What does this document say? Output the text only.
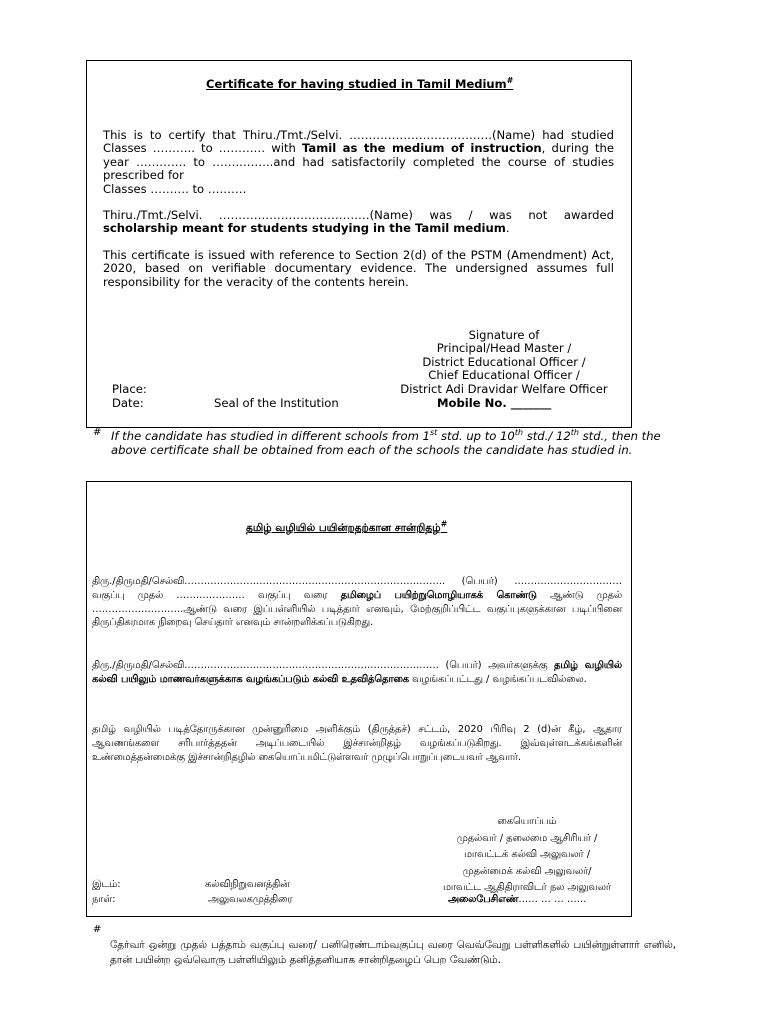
Certificate for having studied in Tamil Medium#
This is to certify that Thiru./Tmt./Selvi. ……………………………….(Name) had studied Classes ……….. to ………… with Tamil as the medium of instruction, during the year …………. to ……..……..and had satisfactorily completed the course of studies prescribed for
Classes ………. to ……….
Thiru./Tmt./Selvi. …………………………………(Name) was / was not awarded scholarship meant for students studying in the Tamil medium.
This certificate is issued with reference to Section 2(d) of the PSTM (Amendment) Act, 2020, based on verifiable documentary evidence. The undersigned assumes full responsibility for the veracity of the contents herein.
Signature of
Principal/Head Master /
District Educational Officer /
Chief Educational Officer /
District Adi Dravidar Welfare Officer
Place:
Date:	Seal of the Institution	Mobile No. _______
# If the candidate has studied in different schools from 1st std. up to 10th std./ 12th std., then the above certificate shall be obtained from each of the schools the candidate has studied in.
தமிழ் வழியில் பயின்றதற்கான சான்றிதழ்#
திரு./திருமதி/செல்வி…………………………………………………………………….. (பெயர்) …………………………… வகுப்பு முதல் ………………… வகுப்பு வரை தமிழைப் பயிற்றுமொழியாகக் கொண்டு ஆண்டு முதல் ……………………….ஆண்டு வரை இப்பள்ளியில் படித்தார் எனவும், மேற்குறிப்பிட்ட வகுப்புகளுக்கான படிப்பினை திருப்திகரமாக நிறைவு செய்தார் எனவும் சான்றளிக்கப்படுகிறது.
திரு./திருமதி/செல்வி…………………………………………………………………… (பெயர்) அவர்களுக்கு தமிழ் வழியில் கல்வி பயிலும் மாணவர்களுக்காக வழங்கப்படும் கல்வி உதவித்தொகை வழங்கப்பட்டது / வழங்கப்படவில்லை.
தமிழ் வழியில் படித்தோருக்கான முன்னுரிமை அளிக்கும் (திருத்தச்) சட்டம், 2020 பிரிவு 2 (d)ன் கீழ், ஆதார ஆவணங்களை சரிபார்த்ததன் அடிப்படையில் இச்சான்றிதழ் வழங்கப்படுகிறது. இவ்வுள்ளடக்கங்களின் உண்மைத்தன்மைக்கு இச்சான்றிதழில் கையொப்பமிட்டுள்ளவர் முழுப்பொறுப்புடையவர் ஆவார்.
கையொப்பம்
முதல்வர் / தலைமை ஆசிரியர் /
மாவட்டக் கல்வி அலுவலர் /
முதன்மைக் கல்வி அலுவலர்/
மாவட்ட ஆதிதிராவிடர் நல அலுவலர்
இடம்:
நாள்:
கல்விநிறுவனத்தின்
அலுவலகமுத்திரை	அலைபேசிஎண்…… … … ……
#
தேர்வர் ஒன்று முதல் பத்தாம் வகுப்பு வரை/ பனிரெண்டாம்வகுப்பு வரை வெவ்வேறு பள்ளிகளில் பயின்றுள்ளார் எனில், தான் பயின்ற ஒவ்வொரு பள்ளியிலும் தனித்தனியாக சான்றிதழைப் பெற வேண்டும்.
